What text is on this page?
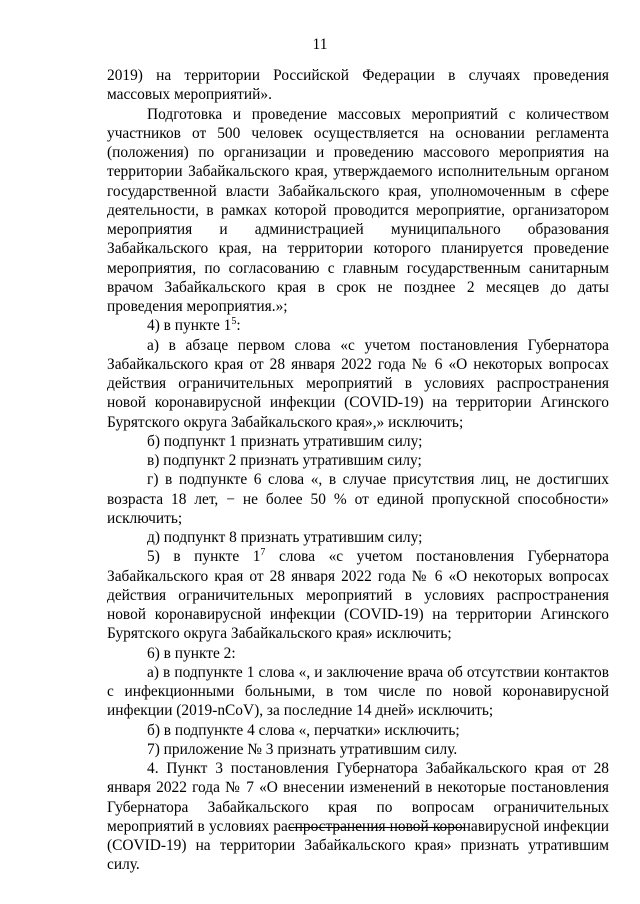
11

2019) на территории Российской Федерации в случаях проведения массовых мероприятий».

Подготовка и проведение массовых мероприятий с количеством участников от 500 человек осуществляется на основании регламента (положения) по организации и проведению массового мероприятия на территории Забайкальского края, утверждаемого исполнительным органом государственной власти Забайкальского края, уполномоченным в сфере деятельности, в рамках которой проводится мероприятие, организатором мероприятия и администрацией муниципального образования Забайкальского края, на территории которого планируется проведение мероприятия, по согласованию с главным государственным санитарным врачом Забайкальского края в срок не позднее 2 месяцев до даты проведения мероприятия.»;

4) в пункте $1^5$:

а) в абзаце первом слова «с учетом постановления Губернатора Забайкальского края от 28 января 2022 года № 6 «О некоторых вопросах действия ограничительных мероприятий в условиях распространения новой коронавирусной инфекции (COVID-19) на территории Агинского Бурятского округа Забайкальского края»,» исключить;

б) подпункт 1 признать утратившим силу;

в) подпункт 2 признать утратившим силу;

г) в подпункте 6 слова «, в случае присутствия лиц, не достигших возраста 18 лет, − не более 50 % от единой пропускной способности» исключить;

д) подпункт 8 признать утратившим силу;

5) в пункте $1^7$ слова «с учетом постановления Губернатора Забайкальского края от 28 января 2022 года № 6 «О некоторых вопросах действия ограничительных мероприятий в условиях распространения новой коронавирусной инфекции (COVID-19) на территории Агинского Бурятского округа Забайкальского края» исключить;

6) в пункте 2:

а) в подпункте 1 слова «, и заключение врача об отсутствии контактов с инфекционными больными, в том числе по новой коронавирусной инфекции (2019-nCoV), за последние 14 дней» исключить;

б) в подпункте 4 слова «, перчатки» исключить;

7) приложение № 3 признать утратившим силу.

4. Пункт 3 постановления Губернатора Забайкальского края от 28 января 2022 года № 7 «О внесении изменений в некоторые постановления Губернатора Забайкальского края по вопросам ограничительных мероприятий в условиях распространения новой коронавирусной инфекции (COVID-19) на территории Забайкальского края» признать утратившим силу.
